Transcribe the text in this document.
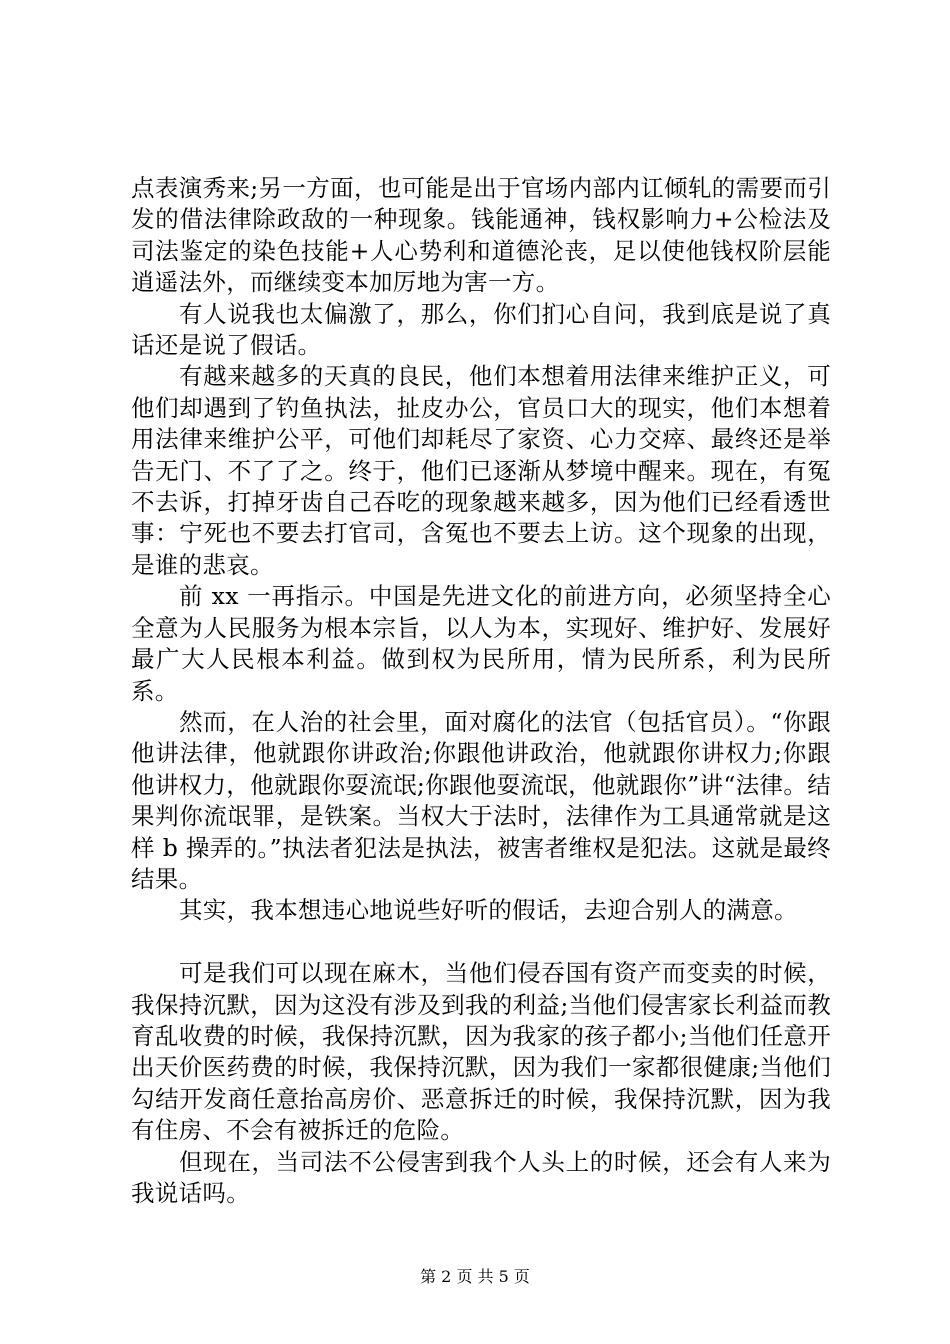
点表演秀来;另一方面，也可能是出于官场内部内讧倾轧的需要而引发的借法律除政敌的一种现象。钱能通神，钱权影响力+公检法及司法鉴定的染色技能+人心势利和道德沦丧，足以使他钱权阶层能逍遥法外，而继续变本加厉地为害一方。

有人说我也太偏激了，那么，你们扪心自问，我到底是说了真话还是说了假话。

有越来越多的天真的良民，他们本想着用法律来维护正义，可他们却遇到了钓鱼执法，扯皮办公，官员口大的现实，他们本想着用法律来维护公平，可他们却耗尽了家资、心力交瘁、最终还是举告无门、不了了之。终于，他们已逐渐从梦境中醒来。现在，有冤不去诉，打掉牙齿自己吞吃的现象越来越多，因为他们已经看透世事：宁死也不要去打官司，含冤也不要去上访。这个现象的出现，是谁的悲哀。

前 xx 一再指示。中国是先进文化的前进方向，必须坚持全心全意为人民服务为根本宗旨，以人为本，实现好、维护好、发展好最广大人民根本利益。做到权为民所用，情为民所系，利为民所系。

然而，在人治的社会里，面对腐化的法官（包括官员）。“你跟他讲法律，他就跟你讲政治;你跟他讲政治，他就跟你讲权力;你跟他讲权力，他就跟你耍流氓;你跟他耍流氓，他就跟你”讲“法律。结果判你流氓罪，是铁案。当权大于法时，法律作为工具通常就是这样 b 操弄的。”执法者犯法是执法，被害者维权是犯法。这就是最终结果。

其实，我本想违心地说些好听的假话，去迎合别人的满意。

可是我们可以现在麻木，当他们侵吞国有资产而变卖的时候，我保持沉默，因为这没有涉及到我的利益;当他们侵害家长利益而教育乱收费的时候，我保持沉默，因为我家的孩子都小;当他们任意开出天价医药费的时候，我保持沉默，因为我们一家都很健康;当他们勾结开发商任意抬高房价、恶意拆迁的时候，我保持沉默，因为我有住房、不会有被拆迁的危险。

但现在，当司法不公侵害到我个人头上的时候，还会有人来为我说话吗。

第 2 页 共 5 页
